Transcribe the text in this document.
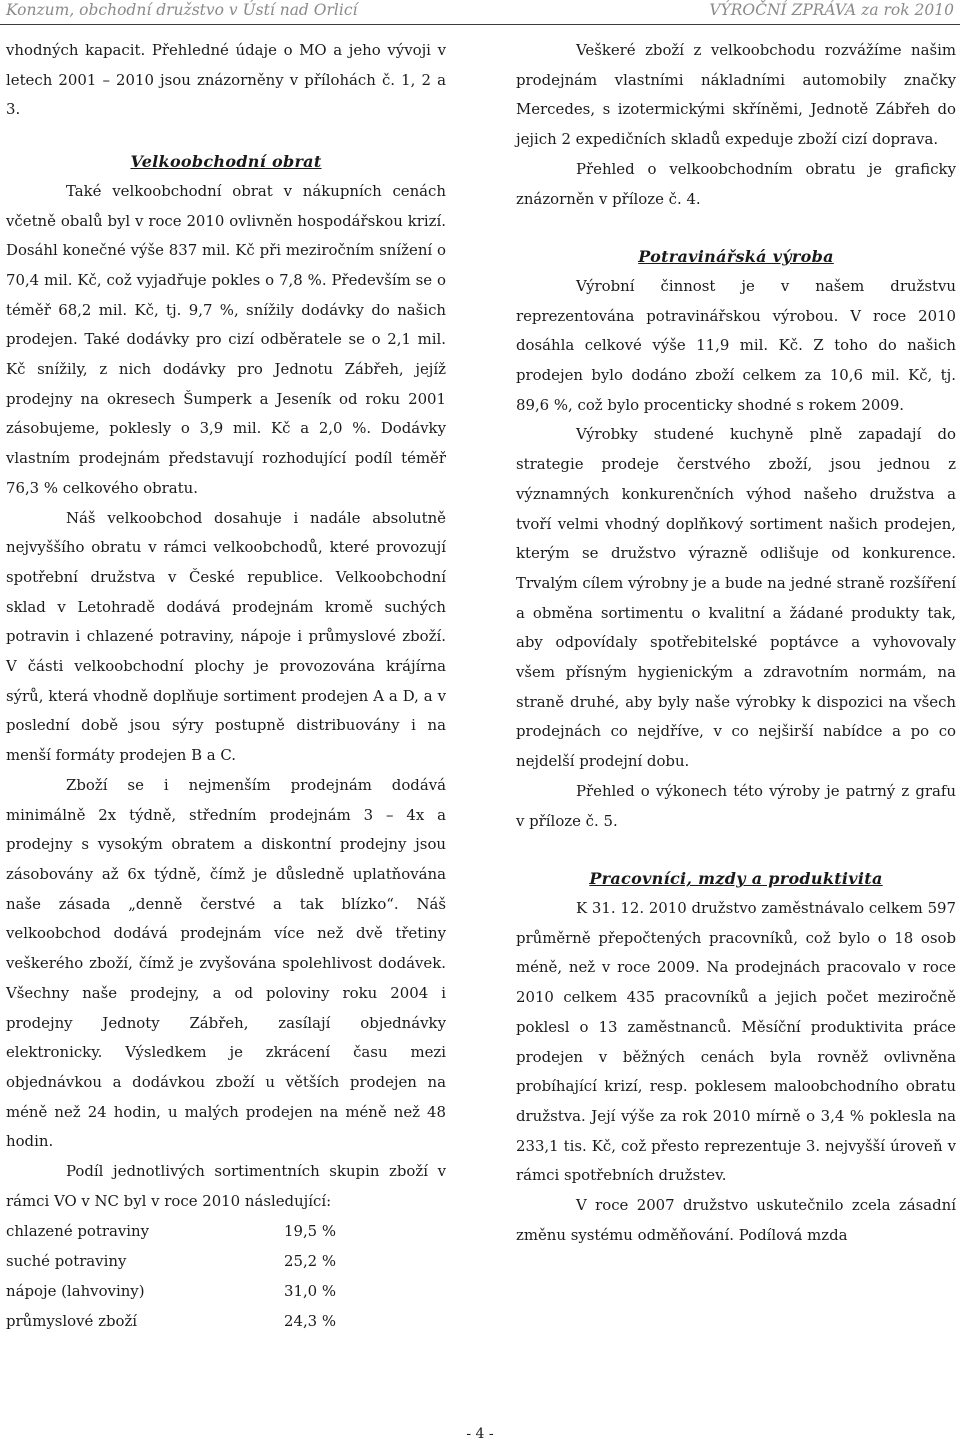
Konzum, obchodní družstvo v Ústí nad Orlicí	VÝROČNÍ ZPRÁVA za rok 2010

vhodných kapacit. Přehledné údaje o MO a jeho vývoji v letech 2001 – 2010 jsou znázorněny v přílohách č. 1, 2 a 3.

Velkoobchodní obrat

Také velkoobchodní obrat v nákupních cenách včetně obalů byl v roce 2010 ovlivněn hospodářskou krizí. Dosáhl konečné výše 837 mil. Kč při meziročním snížení o 70,4 mil. Kč, což vyjadřuje pokles o 7,8 %. Především se o téměř 68,2 mil. Kč, tj. 9,7 %, snížily dodávky do našich prodejen. Také dodávky pro cizí odběratele se o 2,1 mil. Kč snížily, z nich dodávky pro Jednotu Zábřeh, jejíž prodejny na okresech Šumperk a Jeseník od roku 2001 zásobujeme, poklesly o 3,9 mil. Kč a 2,0 %. Dodávky vlastním prodejnám představují rozhodující podíl téměř 76,3 % celkového obratu.

Náš velkoobchod dosahuje i nadále absolutně nejvyššího obratu v rámci velkoobchodů, které provozují spotřební družstva v České republice. Velkoobchodní sklad v Letohradě dodává prodejnám kromě suchých potravin i chlazené potraviny, nápoje i průmyslové zboží. V části velkoobchodní plochy je provozována krájírna sýrů, která vhodně doplňuje sortiment prodejen A a D, a v poslední době jsou sýry postupně distribuovány i na menší formáty prodejen B a C.

Zboží se i nejmenším prodejnám dodává minimálně 2x týdně, středním prodejnám 3 – 4x a prodejny s vysokým obratem a diskontní prodejny jsou zásobovány až 6x týdně, čímž je důsledně uplatňována naše zásada „denně čerstvé a tak blízko“. Náš velkoobchod dodává prodejnám více než dvě třetiny veškerého zboží, čímž je zvyšována spolehlivost dodávek. Všechny naše prodejny, a od poloviny roku 2004 i prodejny Jednoty Zábřeh, zasílají objednávky elektronicky. Výsledkem je zkrácení času mezi objednávkou a dodávkou zboží u větších prodejen na méně než 24 hodin, u malých prodejen na méně než 48 hodin.

Podíl jednotlivých sortimentních skupin zboží v rámci VO v NC byl v roce 2010 následující:

chlazené potraviny	19,5 %
suché potraviny	25,2 %
nápoje (lahvoviny)	31,0 %
průmyslové zboží	24,3 %

Veškeré zboží z velkoobchodu rozvážíme našim prodejnám vlastními nákladními automobily značky Mercedes, s izotermickými skříněmi, Jednotě Zábřeh do jejich 2 expedičních skladů expeduje zboží cizí doprava.

Přehled o velkoobchodním obratu je graficky znázorněn v příloze č. 4.

Potravinářská výroba

Výrobní činnost je v našem družstvu reprezentována potravinářskou výrobou. V roce 2010 dosáhla celkové výše 11,9 mil. Kč. Z toho do našich prodejen bylo dodáno zboží celkem za 10,6 mil. Kč, tj. 89,6 %, což bylo procenticky shodné s rokem 2009.

Výrobky studené kuchyně plně zapadají do strategie prodeje čerstvého zboží, jsou jednou z významných konkurenčních výhod našeho družstva a tvoří velmi vhodný doplňkový sortiment našich prodejen, kterým se družstvo výrazně odlišuje od konkurence. Trvalým cílem výrobny je a bude na jedné straně rozšíření a obměna sortimentu o kvalitní a žádané produkty tak, aby odpovídaly spotřebitelské poptávce a vyhovovaly všem přísným hygienickým a zdravotním normám, na straně druhé, aby byly naše výrobky k dispozici na všech prodejnách co nejdříve, v co nejširší nabídce a po co nejdelší prodejní dobu.

Přehled o výkonech této výroby je patrný z grafu v příloze č. 5.

Pracovníci, mzdy a produktivita

K 31. 12. 2010 družstvo zaměstnávalo celkem 597 průměrně přepočtených pracovníků, což bylo o 18 osob méně, než v roce 2009. Na prodejnách pracovalo v roce 2010 celkem 435 pracovníků a jejich počet meziročně poklesl o 13 zaměstnanců. Měsíční produktivita práce prodejen v běžných cenách byla rovněž ovlivněna probíhající krizí, resp. poklesem maloobchodního obratu družstva. Její výše za rok 2010 mírně o 3,4 % poklesla na 233,1 tis. Kč, což přesto reprezentuje 3. nejvyšší úroveň v rámci spotřebních družstev.

V roce 2007 družstvo uskutečnilo zcela zásadní změnu systému odměňování. Podílová mzda

- 4 -
